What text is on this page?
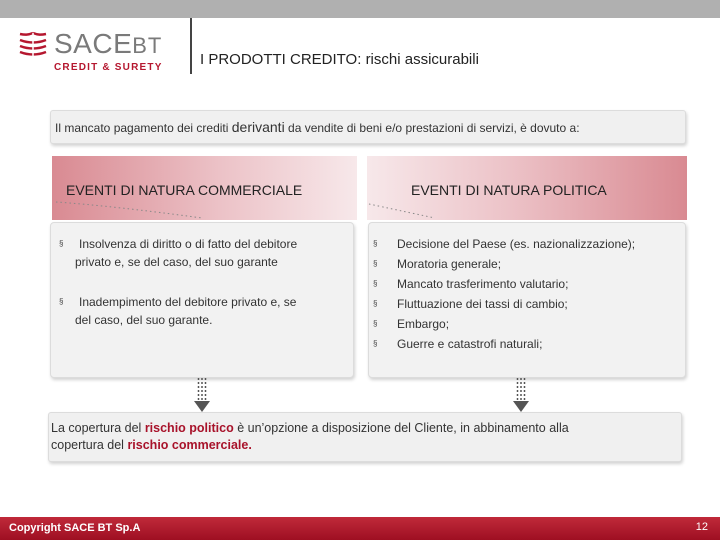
SACEBT
CREDIT & SURETY I PRODOTTI CREDITO: rischi assicurabili
Il mancato pagamento dei crediti derivanti da vendite di beni e/o prestazioni di servizi, è dovuto a:
EVENTI DI NATURA COMMERCIALE	EVENTI DI NATURA POLITICA
§ Insolvenza di diritto o di fatto del debitore
privato e, se del caso, del suo garante
§ Inadempimento del debitore privato e, se
del caso, del suo garante.
§ Decisione del Paese (es. nazionalizzazione);
§ Moratoria generale;
§ Mancato trasferimento valutario;
§ Fluttuazione dei tassi di cambio;
§ Embargo;
§ Guerre e catastrofi naturali;
La copertura del rischio politico è un’opzione a disposizione del Cliente, in abbinamento alla
copertura del rischio commerciale.
Copyright SACE BT Sp.A	12
